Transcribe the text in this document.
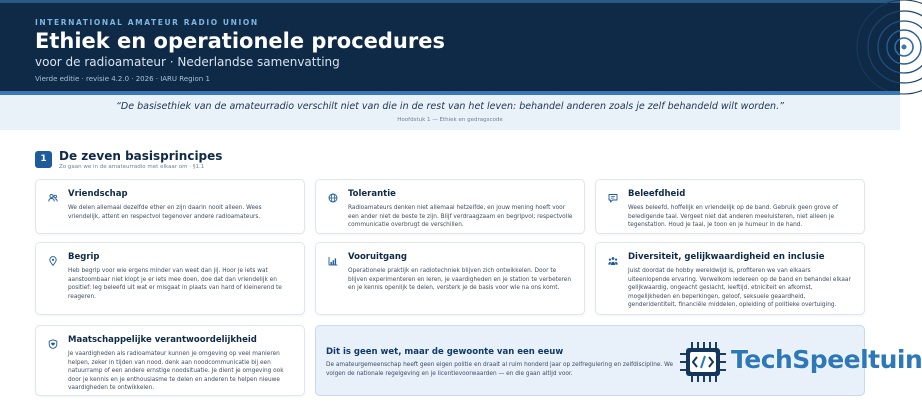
INTERNATIONAL AMATEUR RADIO UNION
Ethiek en operationele procedures
voor de radioamateur · Nederlandse samenvatting
Vierde editie · revisie 4.2.0 · 2026 · IARU Region 1
“De basisethiek van de amateurradio verschilt niet van die in de rest van het leven: behandel anderen zoals je zelf behandeld wilt worden.”
Hoofdstuk 1 — Ethiek en gedragscode
1	De zeven basisprincipes
Zo gaan we in de amateurradio met elkaar om · §1.1
Vriendschap
We delen allemaal dezelfde ether en zijn daarin nooit alleen. Wees vriendelijk, attent en respectvol tegenover andere radioamateurs.
Tolerantie
Radioamateurs denken niet allemaal hetzelfde, en jouw mening hoeft voor een ander niet de beste te zijn. Blijf verdraagzaam en begripvol; respectvolle communicatie overbrugt de verschillen.
Beleefdheid
Wees beleefd, hoffelijk en vriendelijk op de band. Gebruik geen grove of beledigende taal. Vergeet niet dat anderen meeluisteren, niet alleen je tegenstation. Houd je taal, je toon en je humeur in de hand.
Begrip
Heb begrip voor wie ergens minder van weet dan jij. Hoor je iets wat aanstoombaar niet klopt je er iets mee doen, doe dat dan vriendelijk en positief: leg beleefd uit wat er misgaat in plaats van hard of kleinerend te reageren.
Vooruitgang
Operationele praktijk en radiotechniek blijven zich ontwikkelen. Door te blijven experimenteren en leren, je vaardigheden en je station te verbeteren en je kennis openlijk te delen, versterk je de basis voor wie na ons komt.
Diversiteit, gelijkwaardigheid en inclusie
Juist doordat de hobby wereldwijd is, profiteren we van elkaars uiteenlopende ervaring. Verwelkom iedereen op de band en behandel elkaar gelijkwaardig, ongeacht geslacht, leeftijd, etniciteit en afkomst, mogelijkheden en beperkingen, geloof, seksuele geaardheid, genderidentiteit, financiële middelen, opleiding of politieke overtuiging.
Maatschappelijke verantwoordelijkheid
Je vaardigheden als radioamateur kunnen je omgeving op veel manieren helpen, zeker in tijden van nood. denk aan noodcommunicatie bij een natuurramp of een andere ernstige noodsituatie. Je dient je omgeving ook door je kennis en je enthousiasme te delen en anderen te helpen nieuwe vaardigheden te ontwikkelen.
Dit is geen wet, maar de gewoonte van een eeuw
De amateurgemeenschap heeft geen eigen politie en draait al ruim honderd jaar op zelfregulering en zelfdiscipline. We volgen de nationale regelgeving en je licentievoorwaarden — en die gaan altijd voor.	TechSpeeltuin
